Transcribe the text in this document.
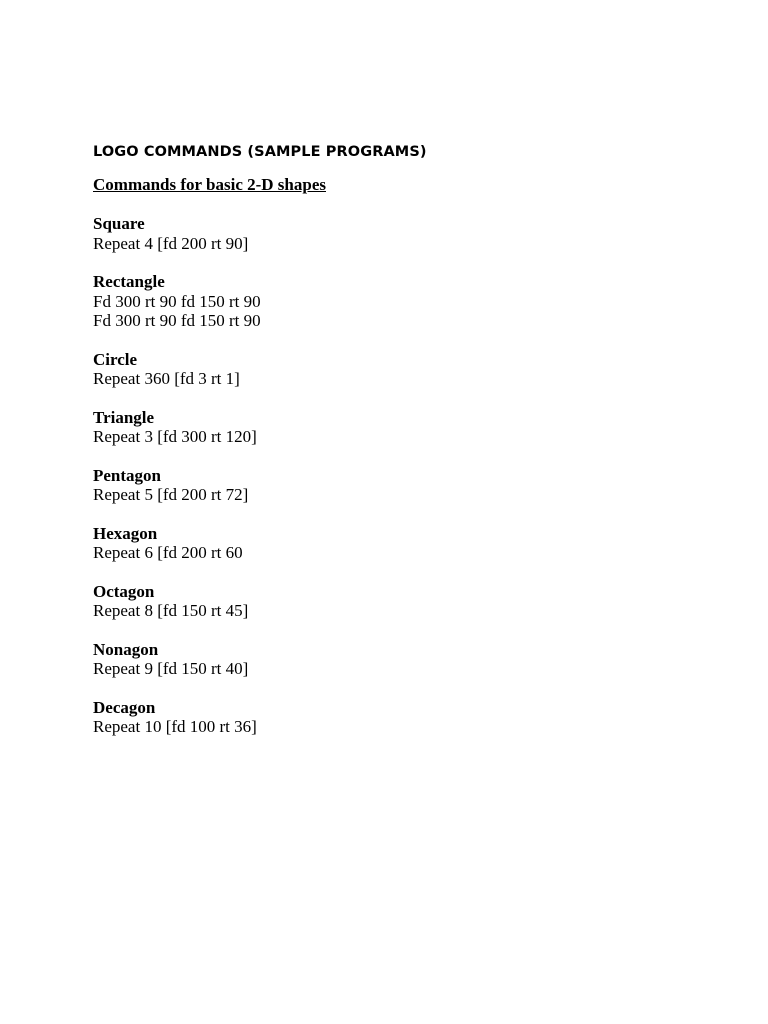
LOGO COMMANDS (SAMPLE PROGRAMS)
Commands for basic 2-D shapes
Square
Repeat 4 [fd 200 rt 90]
Rectangle
Fd 300 rt 90 fd 150 rt 90
Fd 300 rt 90 fd 150 rt 90
Circle
Repeat 360 [fd 3 rt 1]
Triangle
Repeat 3 [fd 300 rt 120]
Pentagon
Repeat 5 [fd 200 rt 72]
Hexagon
Repeat 6 [fd 200 rt 60
Octagon
Repeat 8 [fd 150 rt 45]
Nonagon
Repeat 9 [fd 150 rt 40]
Decagon
Repeat 10 [fd 100 rt 36]
